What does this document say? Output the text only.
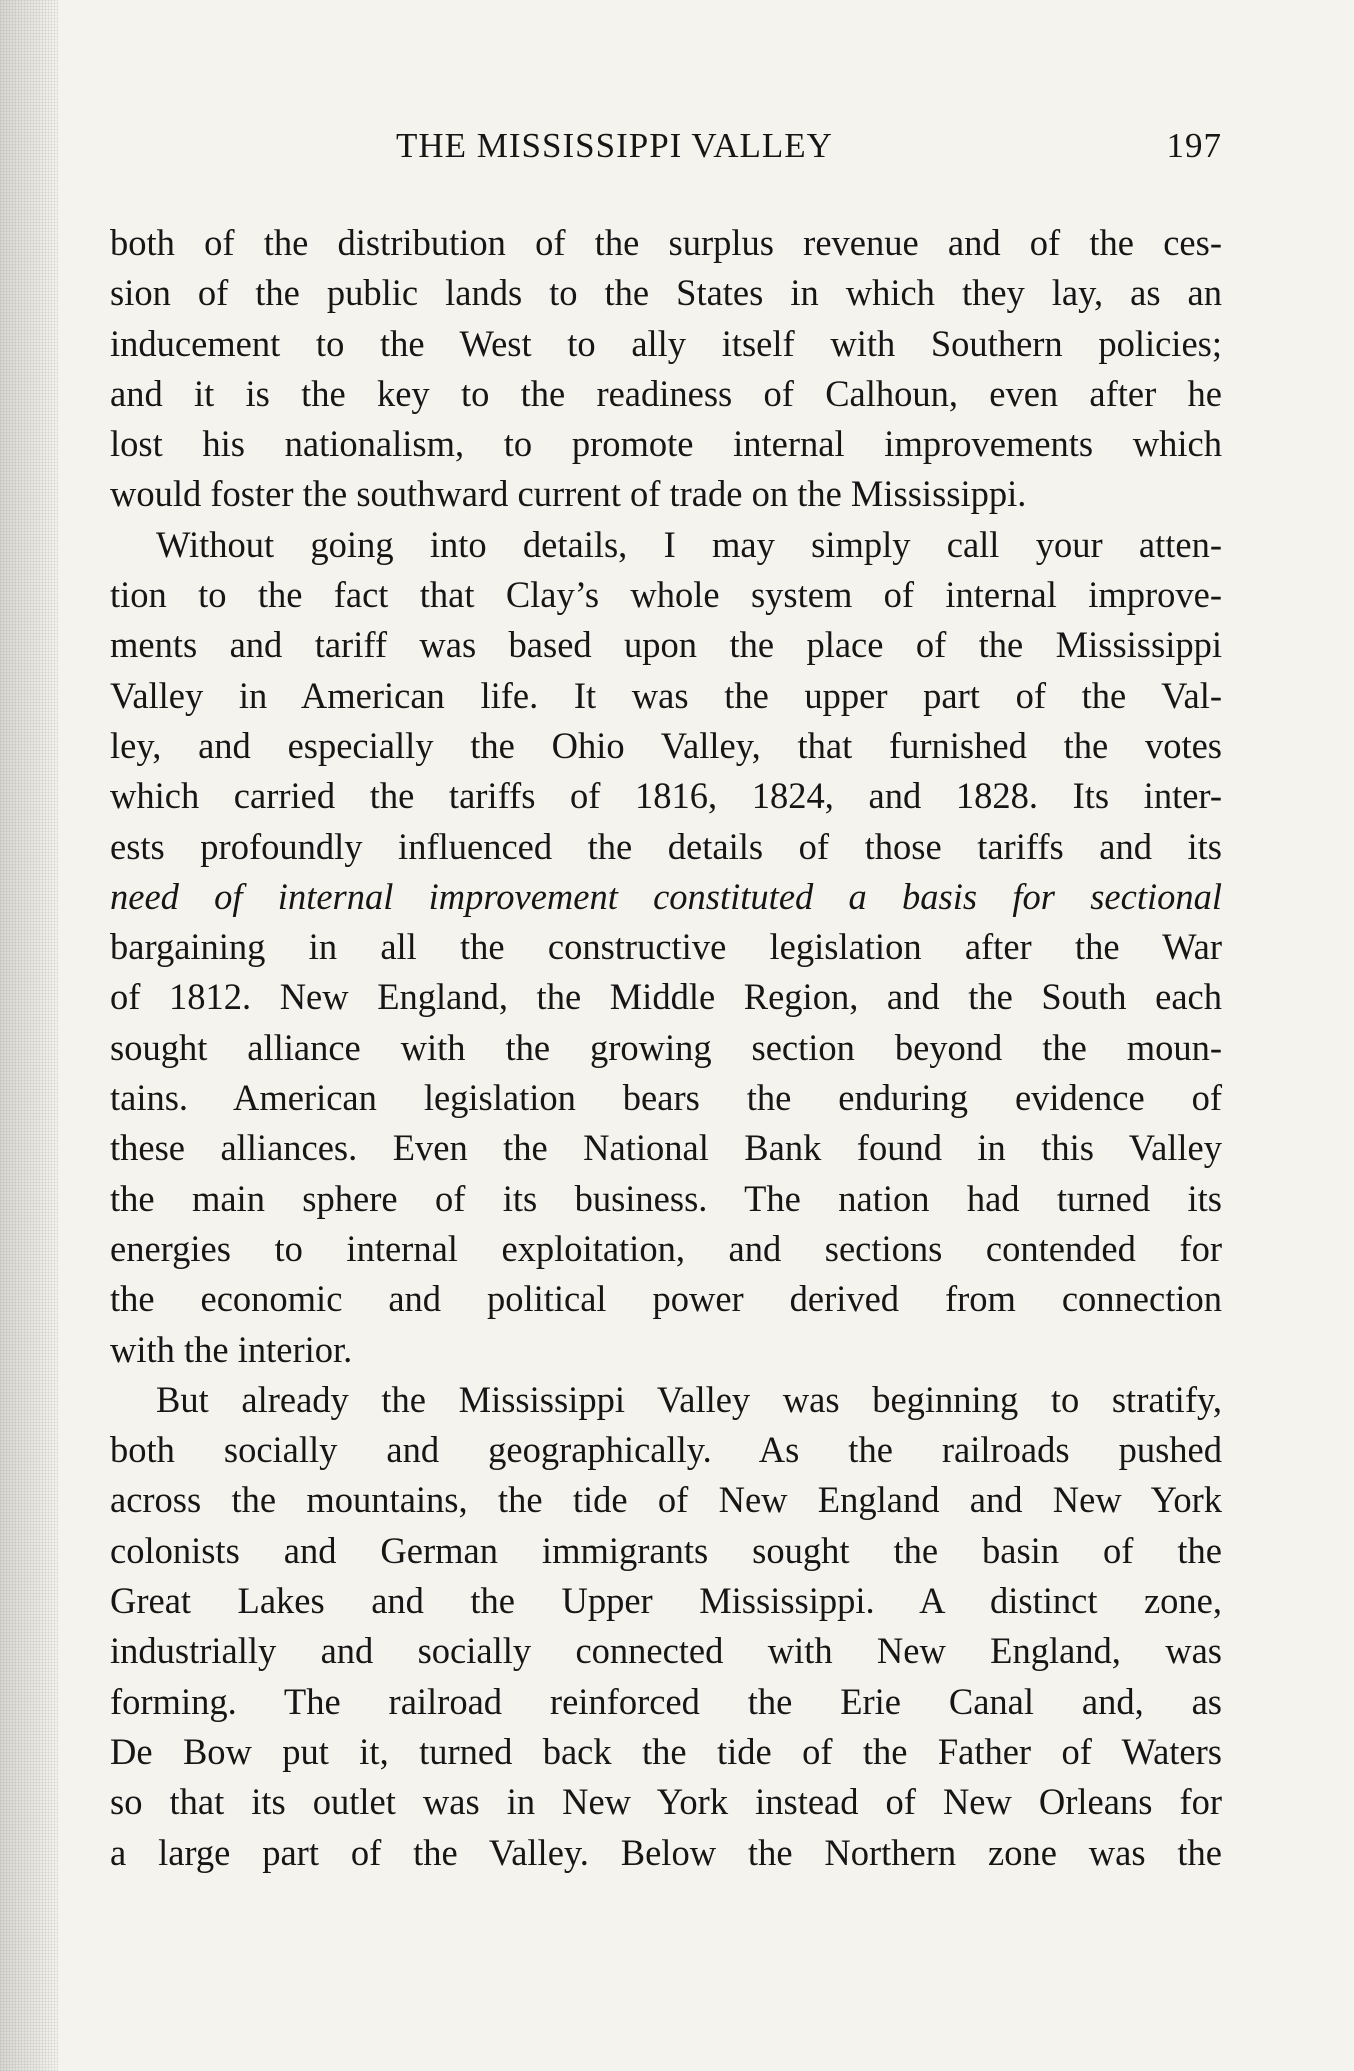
THE MISSISSIPPI VALLEY	197
both of the distribution of the surplus revenue and of the ces-
sion of the public lands to the States in which they lay, as an
inducement to the West to ally itself with Southern policies;
and it is the key to the readiness of Calhoun, even after he
lost his nationalism, to promote internal improvements which
would foster the southward current of trade on the Mississippi.
Without going into details, I may simply call your atten-
tion to the fact that Clay’s whole system of internal improve-
ments and tariff was based upon the place of the Mississippi
Valley in American life. It was the upper part of the Val-
ley, and especially the Ohio Valley, that furnished the votes
which carried the tariffs of 1816, 1824, and 1828. Its inter-
ests profoundly influenced the details of those tariffs and its
need of internal improvement constituted a basis for sectional
bargaining in all the constructive legislation after the War
of 1812. New England, the Middle Region, and the South each
sought alliance with the growing section beyond the moun-
tains. American legislation bears the enduring evidence of
these alliances. Even the National Bank found in this Valley
the main sphere of its business. The nation had turned its
energies to internal exploitation, and sections contended for
the economic and political power derived from connection
with the interior.
But already the Mississippi Valley was beginning to stratify,
both socially and geographically. As the railroads pushed
across the mountains, the tide of New England and New York
colonists and German immigrants sought the basin of the
Great Lakes and the Upper Mississippi. A distinct zone,
industrially and socially connected with New England, was
forming. The railroad reinforced the Erie Canal and, as
De Bow put it, turned back the tide of the Father of Waters
so that its outlet was in New York instead of New Orleans for
a large part of the Valley. Below the Northern zone was the
